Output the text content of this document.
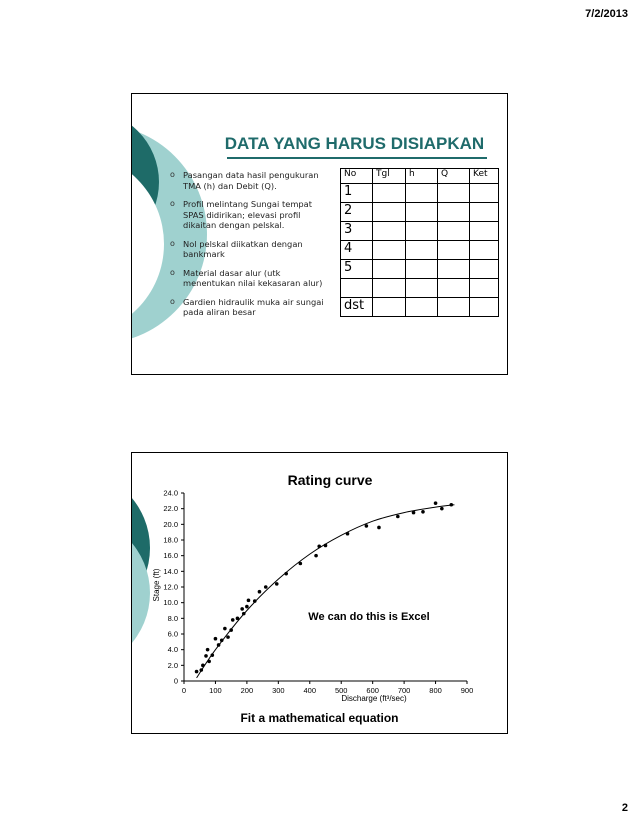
7/2/2013
DATA YANG HARUS DISIAPKAN
o Pasangan data hasil pengukuran TMA (h) dan Debit (Q).
o Profil melintang Sungai tempat SPAS didirikan; elevasi profil dikaitan dengan pelskal.
o Nol pelskal diikatkan dengan bankmark
o Material dasar alur (utk menentukan nilai kekasaran alur)
o Gardien hidraulik muka air sungai pada aliran besar
No	Tgl	h	Q	Ket
1				
2				
3				
4				
5				

dst				
Rating curve
Stage (ft)
Discharge (ft³/sec)
We can do this is Excel
0	100	200	300	400	500	600	700	800	900
0
2.0
4.0
6.0
8.0
10.0
12.0
14.0
16.0
18.0
20.0
22.0
24.0
Fit a mathematical equation
2
